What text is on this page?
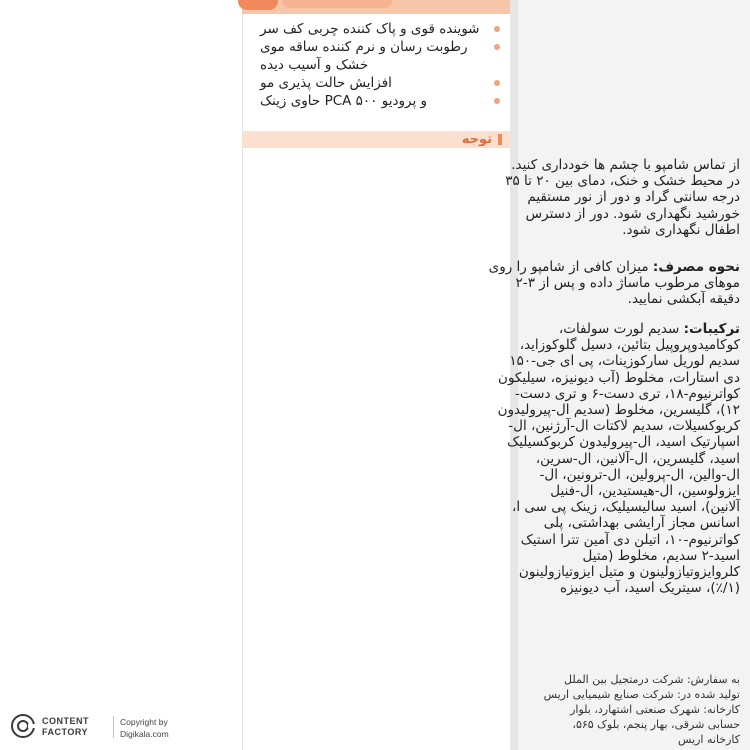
شوینده قوی و پاک کننده چربی کف سر
رطوبت رسان و نرم کننده ساقه موی
خشک و آسیب دیده
افزایش حالت پذیری مو
حاوی زینک PCA و پرودیو ۵۰۰
توجه
از تماس شامپو با چشم ها خودداری کنید.
در محیط خشک و خنک، دمای بین ۲۰ تا ۳۵
درجه سانتی گراد و دور از نور مستقیم
خورشید نگهداری شود. دور از دسترس
اطفال نگهداری شود.
نحوه مصرف: میزان کافی از شامپو را روی
موهای مرطوب ماساژ داده و پس از ۳-۲
دقیقه آبکشی نمایید.
ترکیبات: سدیم لورت سولفات،
کوکامیدوپروپیل بتائین، دسیل گلوکوزاید،
سدیم لوریل سارکوزینات، پی ای جی-۱۵۰
دی استارات، مخلوط (آب دیونیزه، سیلیکون
کواترنیوم-۱۸، تری دست-۶ و تری دست-
۱۲)، گلیسرین، مخلوط (سدیم ال-پیرولیدون
کربوکسیلات، سدیم لاکتات ال-آرژنین، ال-
اسپارتیک اسید، ال-پیرولیدون کربوکسیلیک
اسید، گلیسرین، ال-آلانین، ال-سرین،
ال-والین، ال-پرولین، ال-ترونین، ال-
ایزولوسین، ال-هیستیدین، ال-فنیل
آلانین)، اسید سالیسیلیک، زینک پی سی ا،
اسانس مجاز آرایشی بهداشتی، پلی
کواترنیوم-۱۰، اتیلن دی آمین تترا استیک
اسید-۲ سدیم، مخلوط (متیل
کلروایزوتیازولینون و متیل ایزوتیازولینون
(۱/٪)، سیتریک اسید، آب دیونیزه
به سفارش: شرکت درمتجیل بین الملل
تولید شده در: شرکت صنایع شیمیایی اریس
کارخانه: شهرک صنعتی اشتهارد، بلوار
حسابی شرقی، بهار پنجم، بلوک ۵۶۵،
کارخانه اریس
CONTENT
FACTORY
Copyright by
Digikala.com
